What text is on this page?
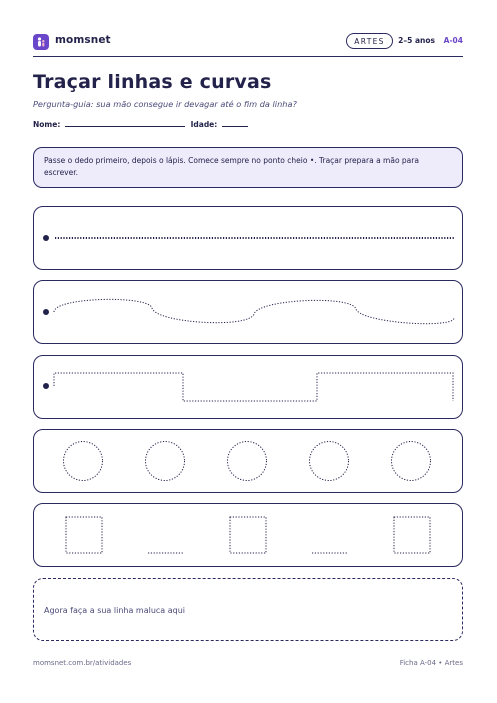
momsnet	ARTES	2–5 anos A-04
Traçar linhas e curvas
Pergunta-guia: sua mão consegue ir devagar até o fim da linha?
Nome:	Idade:
Passe o dedo primeiro, depois o lápis. Comece sempre no ponto cheio •. Traçar prepara a mão para escrever.
Agora faça a sua linha maluca aqui
momsnet.com.br/atividades	Ficha A-04 • Artes
